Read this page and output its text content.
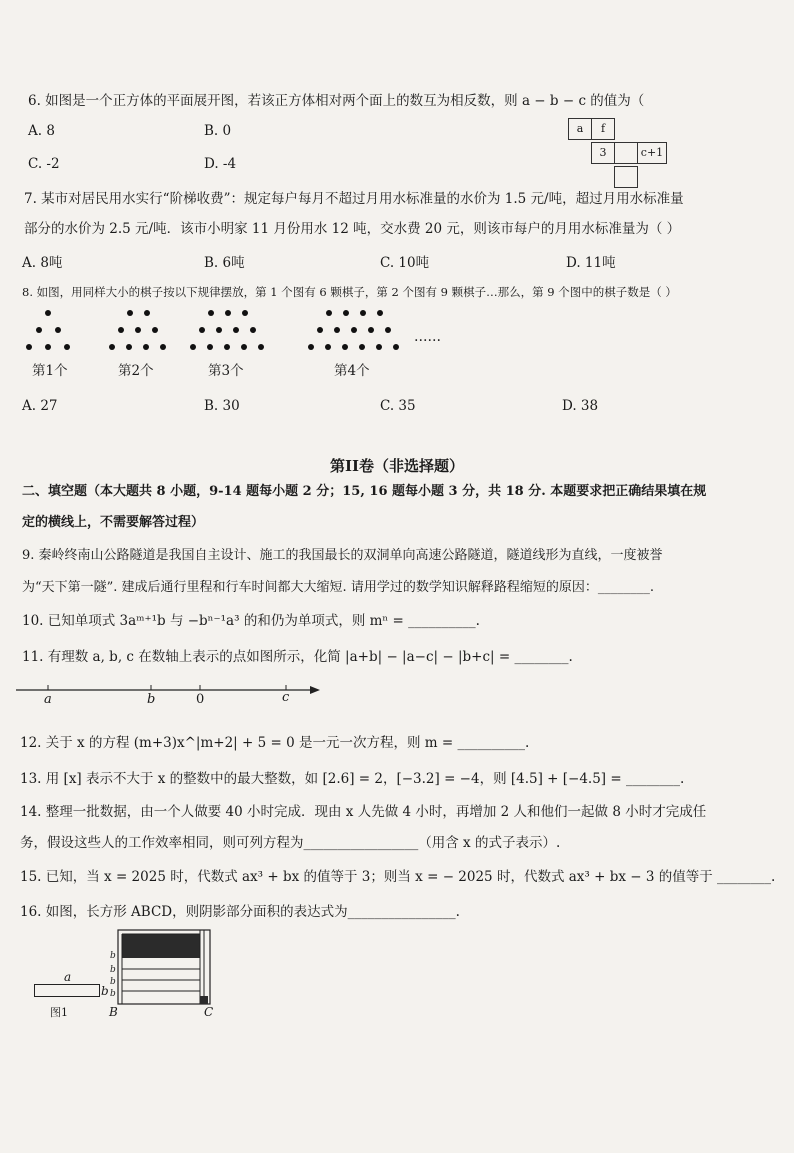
6. 如图是一个正方体的平面展开图，若该正方体相对两个面上的数互为相反数，则 a − b − c 的值为（
A. 8	B. 0
C. -2	D. -4
a	f
3	c+1
7. 某市对居民用水实行“阶梯收费”：规定每户每月不超过月用水标准量的水价为 1.5 元/吨，超过月用水标准量
部分的水价为 2.5 元/吨．该市小明家 11 月份用水 12 吨，交水费 20 元，则该市每户的月用水标准量为（ ）
A. 8吨	B. 6吨	C. 10吨	D. 11吨
8. 如图，用同样大小的棋子按以下规律摆放，第 1 个图有 6 颗棋子，第 2 个图有 9 颗棋子…那么，第 9 个图中的棋子数是（ ）
……
第1个	第2个	第3个	第4个
A. 27	B. 30	C. 35	D. 38
第II卷（非选择题）
二、填空题（本大题共 8 小题，9-14 题每小题 2 分；15, 16 题每小题 3 分，共 18 分. 本题要求把正确结果填在规
定的横线上，不需要解答过程）
9. 秦岭终南山公路隧道是我国自主设计、施工的我国最长的双洞单向高速公路隧道，隧道线形为直线，一度被誉
为“天下第一隧”. 建成后通行里程和行车时间都大大缩短. 请用学过的数学知识解释路程缩短的原因：________.
10. 已知单项式 3aᵐ⁺¹b 与 −bⁿ⁻¹a³ 的和仍为单项式，则 mⁿ = __________.
11. 有理数 a, b, c 在数轴上表示的点如图所示，化简 |a+b| − |a−c| − |b+c| = ________.
a	b	0	c
12. 关于 x 的方程 (m+3)x^|m+2| + 5 = 0 是一元一次方程，则 m = __________.
13. 用 [x] 表示不大于 x 的整数中的最大整数，如 [2.6] = 2，[−3.2] = −4，则 [4.5] + [−4.5] = ________.
14. 整理一批数据，由一个人做要 40 小时完成．现由 x 人先做 4 小时，再增加 2 人和他们一起做 8 小时才完成任
务，假设这些人的工作效率相同，则可列方程为_________________（用含 x 的式子表示）.
15. 已知，当 x = 2025 时，代数式 ax³ + bx 的值等于 3；则当 x = − 2025 时，代数式 ax³ + bx − 3 的值等于 ________.
16. 如图，长方形 ABCD，则阴影部分面积的表达式为________________.
a
b
图1
b
b
b
b
B	C
